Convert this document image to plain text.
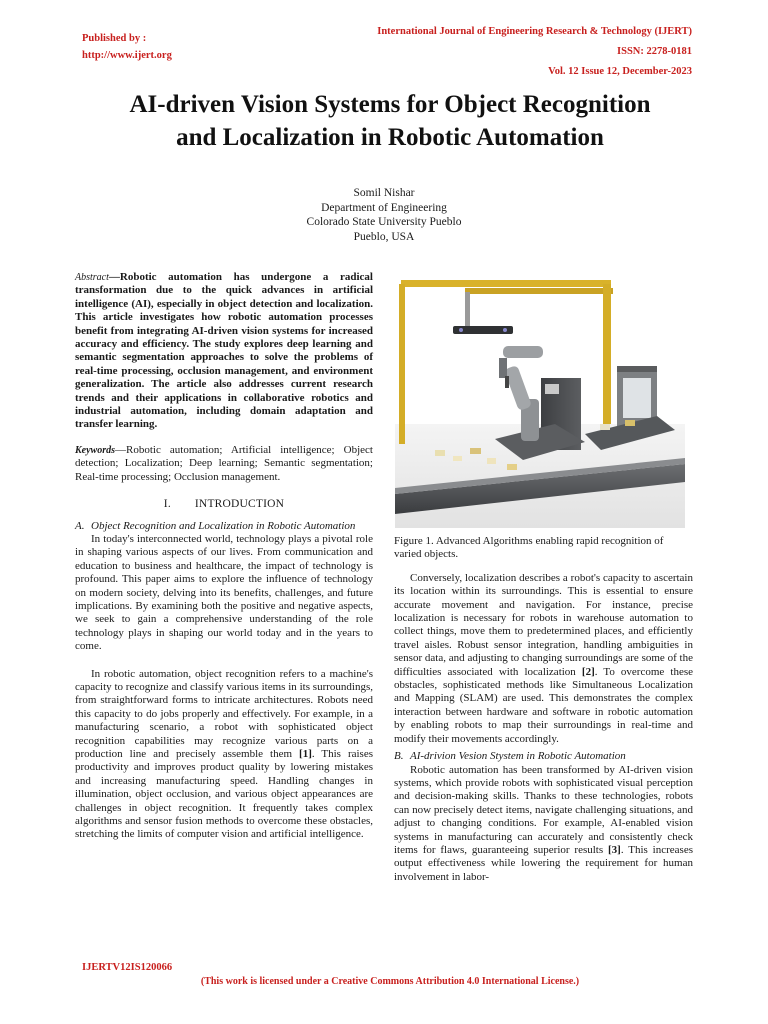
Published by :
http://www.ijert.org
International Journal of Engineering Research & Technology (IJERT)
ISSN: 2278-0181
Vol. 12 Issue 12, December-2023
AI-driven Vision Systems for Object Recognition
and Localization in Robotic Automation
Somil Nishar
Department of Engineering
Colorado State University Pueblo
Pueblo, USA

Abstract—Robotic automation has undergone a radical transformation due to the quick advances in artificial intelligence (AI), especially in object detection and localization. This article investigates how robotic automation processes benefit from integrating AI-driven vision systems for increased accuracy and efficiency. The study explores deep learning and semantic segmentation approaches to solve the problems of real-time processing, occlusion management, and environment generalization. The article also addresses current research trends and their applications in collaborative robotics and industrial automation, including domain adaptation and transfer learning.

Keywords—Robotic automation; Artificial intelligence; Object detection; Localization; Deep learning; Semantic segmentation; Real-time processing; Occlusion management.

I. INTRODUCTION
A. Object Recognition and Localization in Robotic Automation

In today's interconnected world, technology plays a pivotal role in shaping various aspects of our lives. From communication and education to business and healthcare, the impact of technology is profound. This paper aims to explore the influence of technology on modern society, delving into its benefits, challenges, and future implications. By examining both the positive and negative aspects, we seek to gain a comprehensive understanding of the role technology plays in shaping our world today and in the years to come.

In robotic automation, object recognition refers to a machine's capacity to recognize and classify various items in its surroundings, from straightforward forms to intricate architectures. Robots need this capacity to do jobs properly and effectively. For example, in a manufacturing scenario, a robot with sophisticated object recognition capabilities may recognize various parts on a production line and precisely assemble them [1]. This raises productivity and improves product quality by lowering mistakes and increasing manufacturing speed. Handling changes in illumination, object occlusion, and various object appearances are challenges in object recognition. It frequently takes complex algorithms and sensor fusion methods to overcome these obstacles, stretching the limits of computer vision and artificial intelligence.

Figure 1. Advanced Algorithms enabling rapid recognition of varied objects.

Conversely, localization describes a robot's capacity to ascertain its location within its surroundings. This is essential to ensure accurate movement and navigation. For instance, precise localization is necessary for robots in warehouse automation to collect things, move them to predetermined places, and efficiently travel aisles. Robust sensor integration, handling ambiguities in sensor data, and adjusting to changing surroundings are some of the difficulties associated with localization [2]. To overcome these obstacles, sophisticated methods like Simultaneous Localization and Mapping (SLAM) are used. This demonstrates the complex interaction between hardware and software in robotic automation by enabling robots to map their surroundings in real-time and modify their movements accordingly.

B. AI-drivion Vesion Stystem in Robotic Automation

Robotic automation has been transformed by AI-driven vision systems, which provide robots with sophisticated visual perception and decision-making skills. Thanks to these technologies, robots can now precisely detect items, navigate challenging situations, and adjust to changing conditions. For example, AI-enabled vision systems in manufacturing can accurately and consistently check items for flaws, guaranteeing superior results [3]. This increases output effectiveness while lowering the requirement for human involvement in labor-

IJERTV12IS120066
(This work is licensed under a Creative Commons Attribution 4.0 International License.)
